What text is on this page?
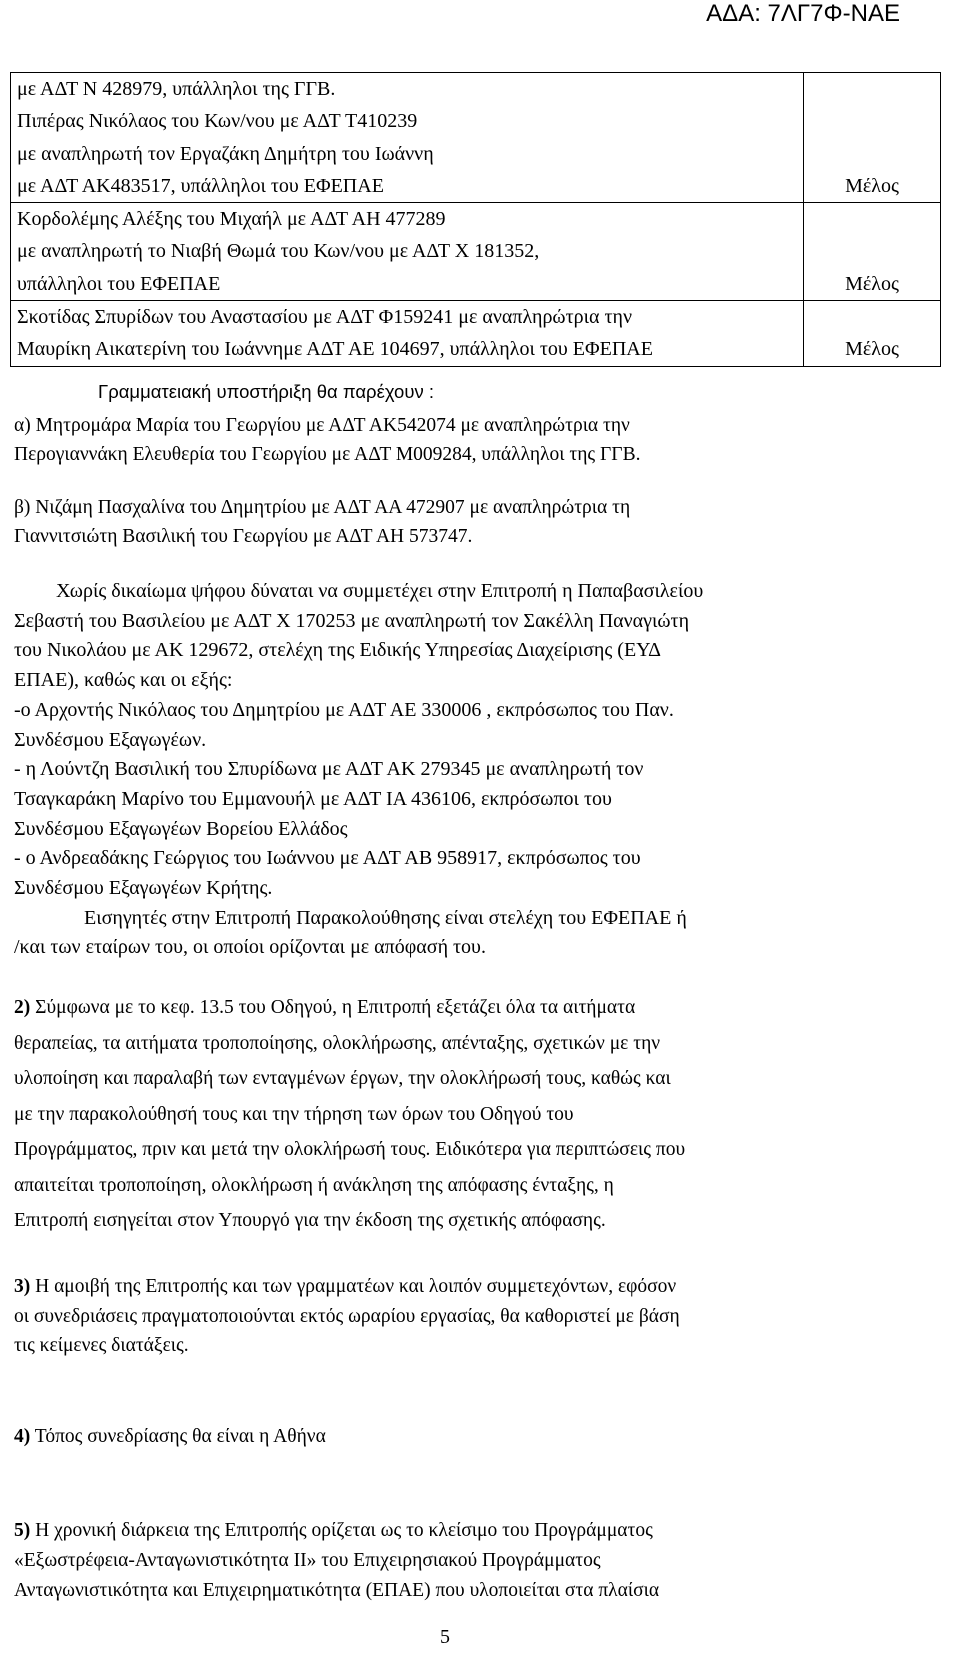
ΑΔΑ: 7ΛΓ7Φ-ΝΑΕ
με ΑΔΤ Ν 428979, υπάλληλοι της ΓΓΒ.
Πιπέρας Νικόλαος του Κων/νου με ΑΔΤ Τ410239
με αναπληρωτή τον Εργαζάκη Δημήτρη του Ιωάννη
με ΑΔΤ ΑΚ483517, υπάλληλοι του ΕΦΕΠΑΕ	Μέλος

Κορδολέμης Αλέξης του Μιχαήλ με ΑΔΤ ΑΗ 477289
με αναπληρωτή το Νιαβή Θωμά του Κων/νου με ΑΔΤ Χ 181352,
υπάλληλοι του ΕΦΕΠΑΕ	Μέλος

Σκοτίδας Σπυρίδων του Αναστασίου με ΑΔΤ Φ159241 με αναπληρώτρια την
Μαυρίκη Αικατερίνη του Ιωάννημε ΑΔΤ ΑΕ 104697, υπάλληλοι του ΕΦΕΠΑΕ	Μέλος
Γραμματειακή υποστήριξη θα παρέχουν :
α) Μητρομάρα Μαρία του Γεωργίου με ΑΔΤ ΑΚ542074 με αναπληρώτρια την
Περογιαννάκη Ελευθερία του Γεωργίου με ΑΔΤ Μ009284, υπάλληλοι της ΓΓΒ.
β) Νιζάμη Πασχαλίνα του Δημητρίου με ΑΔΤ ΑΑ 472907 με αναπληρώτρια τη
Γιαννιτσιώτη Βασιλική του Γεωργίου με ΑΔΤ ΑΗ 573747.
Χωρίς δικαίωμα ψήφου δύναται να συμμετέχει στην Επιτροπή η Παπαβασιλείου
Σεβαστή του Βασιλείου με ΑΔΤ Χ 170253 με αναπληρωτή τον Σακέλλη Παναγιώτη
του Νικολάου με ΑΚ 129672, στελέχη της Ειδικής Υπηρεσίας Διαχείρισης (ΕΥΔ
ΕΠΑΕ), καθώς και οι εξής:
-ο Αρχοντής Νικόλαος του Δημητρίου με ΑΔΤ ΑΕ 330006 , εκπρόσωπος του Παν.
Συνδέσμου Εξαγωγέων.
- η Λούντζη Βασιλική του Σπυρίδωνα με ΑΔΤ ΑΚ 279345 με αναπληρωτή τον
Τσαγκαράκη Μαρίνο του Εμμανουήλ με ΑΔΤ ΙΑ 436106, εκπρόσωποι του
Συνδέσμου Εξαγωγέων Βορείου Ελλάδος
- ο Ανδρεαδάκης Γεώργιος του Ιωάννου με ΑΔΤ ΑΒ 958917, εκπρόσωπος του
Συνδέσμου Εξαγωγέων Κρήτης.
Εισηγητές στην Επιτροπή Παρακολούθησης είναι στελέχη του ΕΦΕΠΑΕ ή
/και των εταίρων του, οι οποίοι ορίζονται με απόφασή του.
2) Σύμφωνα με το κεφ. 13.5 του Οδηγού, η Επιτροπή εξετάζει όλα τα αιτήματα
θεραπείας, τα αιτήματα τροποποίησης, ολοκλήρωσης, απένταξης, σχετικών με την
υλοποίηση και παραλαβή των ενταγμένων έργων, την ολοκλήρωσή τους, καθώς και
με την παρακολούθησή τους και την τήρηση των όρων του Οδηγού του
Προγράμματος, πριν και μετά την ολοκλήρωσή τους. Ειδικότερα για περιπτώσεις που
απαιτείται τροποποίηση, ολοκλήρωση ή ανάκληση της απόφασης ένταξης, η
Επιτροπή εισηγείται στον Υπουργό για την έκδοση της σχετικής απόφασης.
3) Η αμοιβή της Επιτροπής και των γραμματέων και λοιπόν συμμετεχόντων, εφόσον
οι συνεδριάσεις πραγματοποιούνται εκτός ωραρίου εργασίας, θα καθοριστεί με βάση
τις κείμενες διατάξεις.
4) Τόπος συνεδρίασης θα είναι η Αθήνα
5) Η χρονική διάρκεια της Επιτροπής ορίζεται ως το κλείσιμο του Προγράμματος
«Εξωστρέφεια-Ανταγωνιστικότητα ΙΙ» του Επιχειρησιακού Προγράμματος
Ανταγωνιστικότητα και Επιχειρηματικότητα (ΕΠΑΕ) που υλοποιείται στα πλαίσια
5
